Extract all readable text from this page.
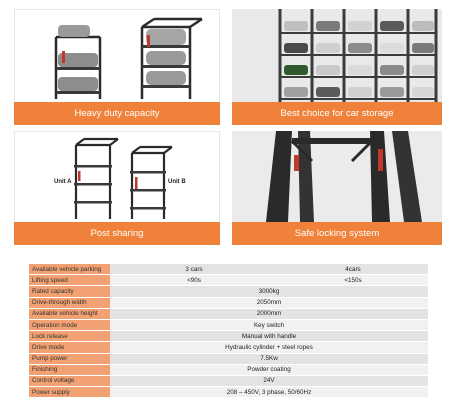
Heavy duty capacity	Best choice for car storage
Unit A	Unit B
Post sharing	Safe locking system
Available vehicle parking	3 cars	4cars
Lifting speed	<90s	<150s
Rated capacity	3000kg	
Drive-through width	2050mm	
Available vehicle height	2000mm	
Operation mode	Key switch	
Lock release	Manual with handle	
Drive mode	Hydraulic cylinder + steel ropes	
Pump power	7.5Kw	
Finishing	Powder coating	
Control voltage	24V	
Power supply	208 – 450V, 3 phase, 50/60Hz	
